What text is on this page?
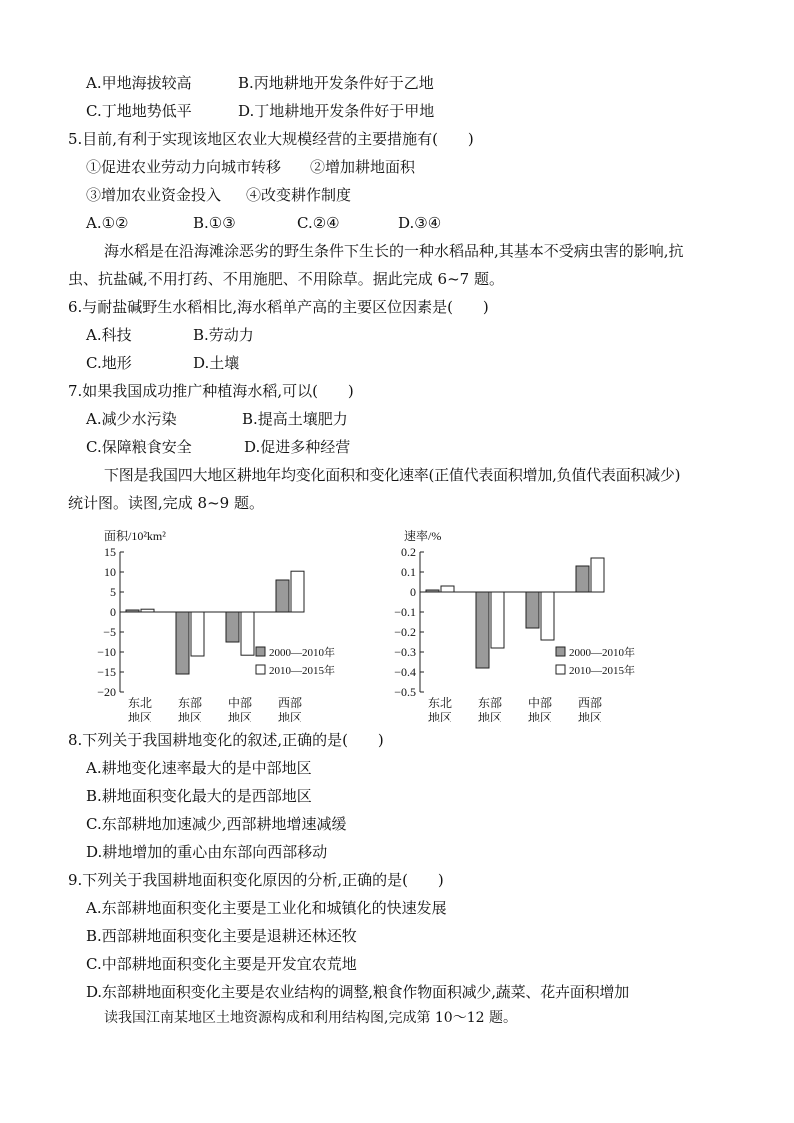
A.甲地海拔较高	B.丙地耕地开发条件好于乙地
C.丁地地势低平	D.丁地耕地开发条件好于甲地
5.目前,有利于实现该地区农业大规模经营的主要措施有(　　)
①促进农业劳动力向城市转移 ②增加耕地面积
③增加农业资金投入 ④改变耕作制度
A.①②	B.①③	C.②④	D.③④
海水稻是在沿海滩涂恶劣的野生条件下生长的一种水稻品种,其基本不受病虫害的影响,抗
虫、抗盐碱,不用打药、不用施肥、不用除草。据此完成 6~7 题。
6.与耐盐碱野生水稻相比,海水稻单产高的主要区位因素是(　　)
A.科技	B.劳动力
C.地形	D.土壤
7.如果我国成功推广种植海水稻,可以(　　)
A.减少水污染	B.提高土壤肥力
C.保障粮食安全	D.促进多种经营
下图是我国四大地区耕地年均变化面积和变化速率(正值代表面积增加,负值代表面积减少)
统计图。读图,完成 8~9 题。
面积/10²km²
15
10
5
0
−5
−10
−15
−20
东北
地区
东部
地区
中部
地区
西部
地区
2000—2010年
2010—2015年
速率/%
0.2
0.1
0
−0.1
−0.2
−0.3
−0.4
−0.5
东北
地区
东部
地区
中部
地区
西部
地区
2000—2010年
2010—2015年
8.下列关于我国耕地变化的叙述,正确的是(　　)
A.耕地变化速率最大的是中部地区
B.耕地面积变化最大的是西部地区
C.东部耕地加速减少,西部耕地增速减缓
D.耕地增加的重心由东部向西部移动
9.下列关于我国耕地面积变化原因的分析,正确的是(　　)
A.东部耕地面积变化主要是工业化和城镇化的快速发展
B.西部耕地面积变化主要是退耕还林还牧
C.中部耕地面积变化主要是开发宜农荒地
D.东部耕地面积变化主要是农业结构的调整,粮食作物面积减少,蔬菜、花卉面积增加
读我国江南某地区土地资源构成和利用结构图,完成第 10～12 题。
